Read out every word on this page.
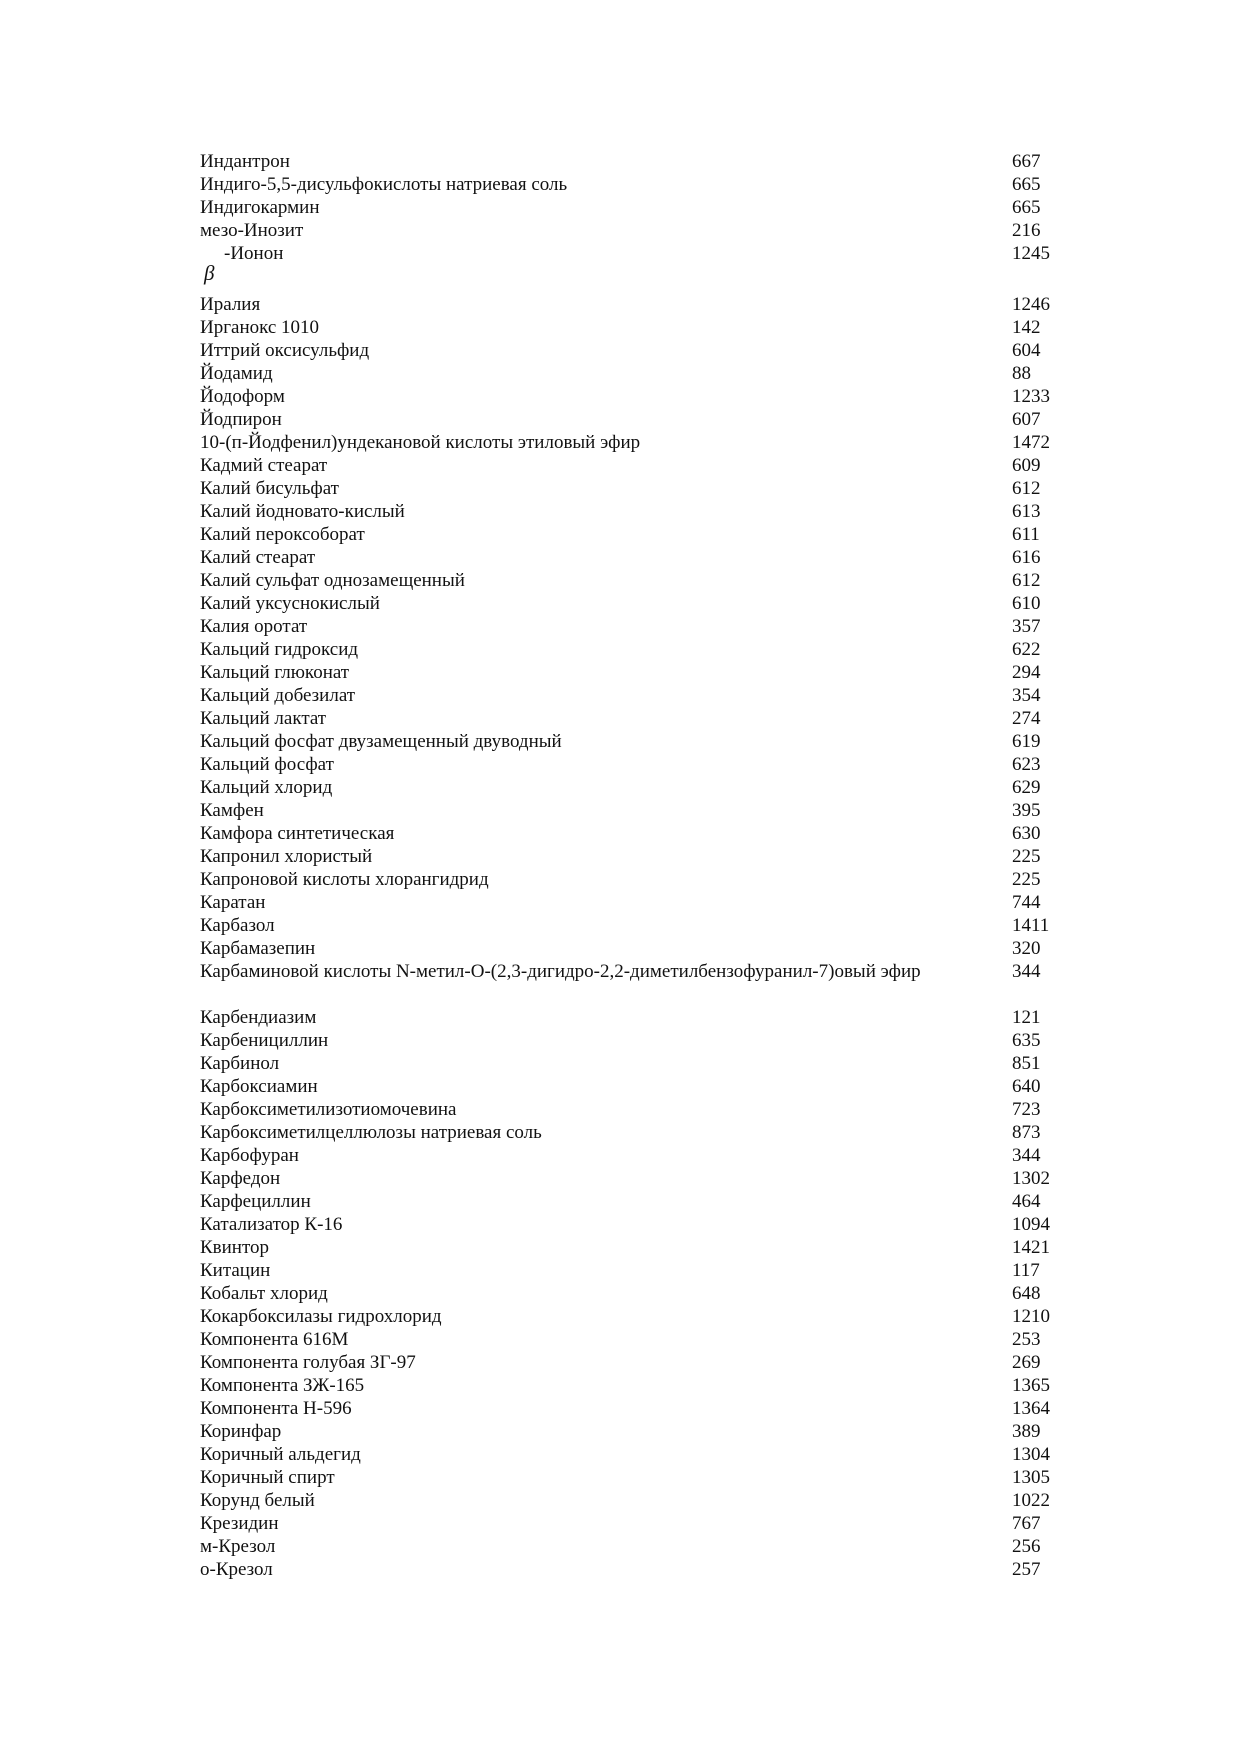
Индантрон	667
Индиго-5,5-дисульфокислоты натриевая соль	665
Индигокармин	665
мезо-Инозит	216
β
-Ионон	1245
Иралия	1246
Ирганокс 1010	142
Иттрий оксисульфид	604
Йодамид	88
Йодоформ	1233
Йодпирон	607
10-(п-Йодфенил)ундекановой кислоты этиловый эфир	1472
Кадмий стеарат	609
Калий бисульфат	612
Калий йодновато-кислый	613
Калий пероксоборат	611
Калий стеарат	616
Калий сульфат однозамещенный	612
Калий уксуснокислый	610
Калия оротат	357
Кальций гидроксид	622
Кальций глюконат	294
Кальций добезилат	354
Кальций лактат	274
Кальций фосфат двузамещенный двуводный	619
Кальций фосфат	623
Кальций хлорид	629
Камфен	395
Камфора синтетическая	630
Капронил хлористый	225
Капроновой кислоты хлорангидрид	225
Каратан	744
Карбазол	1411
Карбамазепин	320
Карбаминовой кислоты N-метил-О-(2,3-дигидро-2,2-диметилбензофуранил-7)овый эфир	344
Карбендиазим	121
Карбенициллин	635
Карбинол	851
Карбоксиамин	640
Карбоксиметилизотиомочевина	723
Карбоксиметилцеллюлозы натриевая соль	873
Карбофуран	344
Карфедон	1302
Карфециллин	464
Катализатор К-16	1094
Квинтор	1421
Китацин	117
Кобальт хлорид	648
Кокарбоксилазы гидрохлорид	1210
Компонента 616М	253
Компонента голубая ЗГ-97	269
Компонента ЗЖ-165	1365
Компонента Н-596	1364
Коринфар	389
Коричный альдегид	1304
Коричный спирт	1305
Корунд белый	1022
Крезидин	767
м-Крезол	256
о-Крезол	257
